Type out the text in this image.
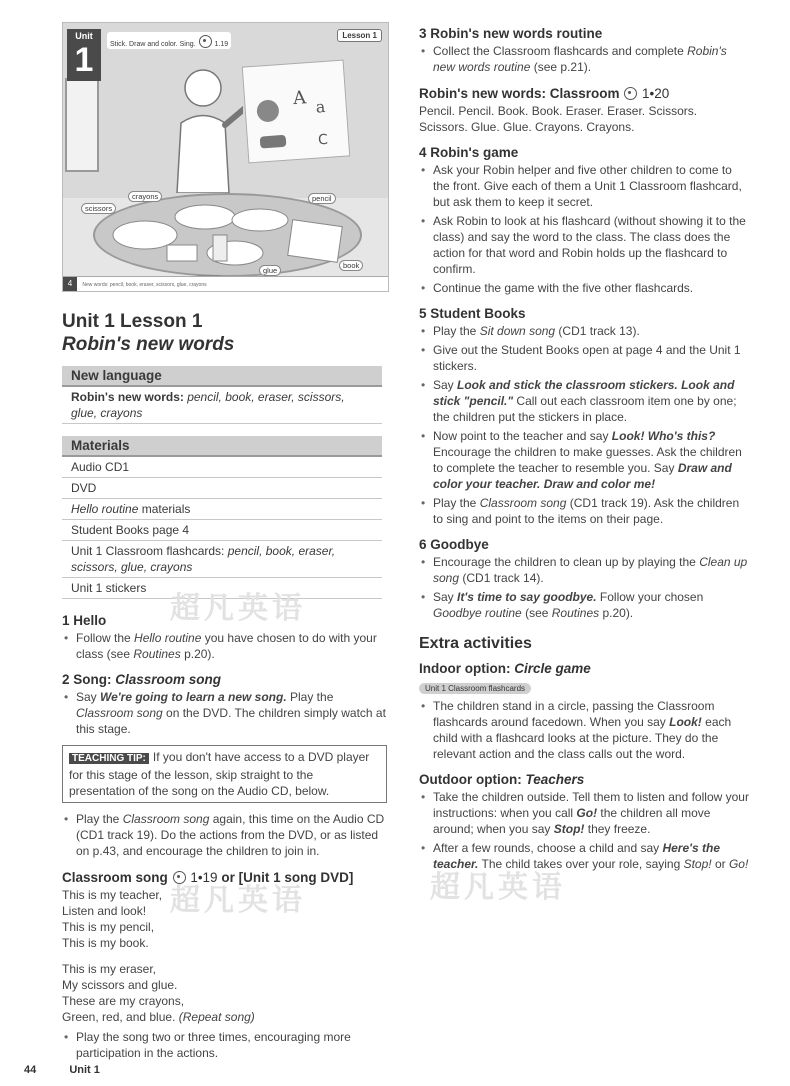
Unit
1	Stick. Draw and color. Sing.	1.19
Lesson 1
A a
C
scissors
crayons	pencil
glue
book
4 New words: pencil, book, eraser, scissors, glue, crayons
Unit 1 Lesson 1
Robin's new words
New language
Robin's new words: pencil, book, eraser, scissors, glue, crayons
Materials
Audio CD1
DVD
Hello routine materials
Student Books page 4
Unit 1 Classroom flashcards: pencil, book, eraser, scissors, glue, crayons
Unit 1 stickers
1 Hello
• Follow the Hello routine you have chosen to do with your class (see Routines p.20).
2 Song: Classroom song
• Say We're going to learn a new song. Play the Classroom song on the DVD. The children simply watch at this stage.
TEACHING TIP: If you don't have access to a DVD player for this stage of the lesson, skip straight to the presentation of the song on the Audio CD, below.
• Play the Classroom song again, this time on the Audio CD (CD1 track 19). Do the actions from the DVD, or as listed on p.43, and encourage the children to join in.
Classroom song 1•19 or [Unit 1 song DVD]
This is my teacher,
Listen and look!
This is my pencil,
This is my book.
This is my eraser,
My scissors and glue.
These are my crayons,
Green, red, and blue. (Repeat song)
• Play the song two or three times, encouraging more participation in the actions.
3 Robin's new words routine
• Collect the Classroom flashcards and complete Robin's new words routine (see p.21).
Robin's new words: Classroom 1•20

Pencil. Pencil. Book. Book. Eraser. Eraser. Scissors. Scissors. Glue. Glue. Crayons. Crayons.

4 Robin's game
• Ask your Robin helper and five other children to come to the front. Give each of them a Unit 1 Classroom flashcard, but ask them to keep it secret.
• Ask Robin to look at his flashcard (without showing it to the class) and say the word to the class. The class does the action for that word and Robin holds up the flashcard to confirm.
• Continue the game with the five other flashcards.
5 Student Books
• Play the Sit down song (CD1 track 13).
• Give out the Student Books open at page 4 and the Unit 1 stickers.
• Say Look and stick the classroom stickers. Look and stick "pencil." Call out each classroom item one by one; the children put the stickers in place.
• Now point to the teacher and say Look! Who's this? Encourage the children to make guesses. Ask the children to complete the teacher to resemble you. Say Draw and color your teacher. Draw and color me!
• Play the Classroom song (CD1 track 19). Ask the children to sing and point to the items on their page.
6 Goodbye
• Encourage the children to clean up by playing the Clean up song (CD1 track 14).
• Say It's time to say goodbye. Follow your chosen Goodbye routine (see Routines p.20).
Extra activities
Indoor option: Circle game
Unit 1 Classroom flashcards
• The children stand in a circle, passing the Classroom flashcards around facedown. When you say Look! each child with a flashcard looks at the picture. They do the relevant action and the class calls out the word.
Outdoor option: Teachers
• Take the children outside. Tell them to listen and follow your instructions: when you call Go! the children all move around; when you say Stop! they freeze.
• After a few rounds, choose a child and say Here's the teacher. The child takes over your role, saying Stop! or Go!
超凡英语
超凡英语	超凡英语
44	Unit 1
